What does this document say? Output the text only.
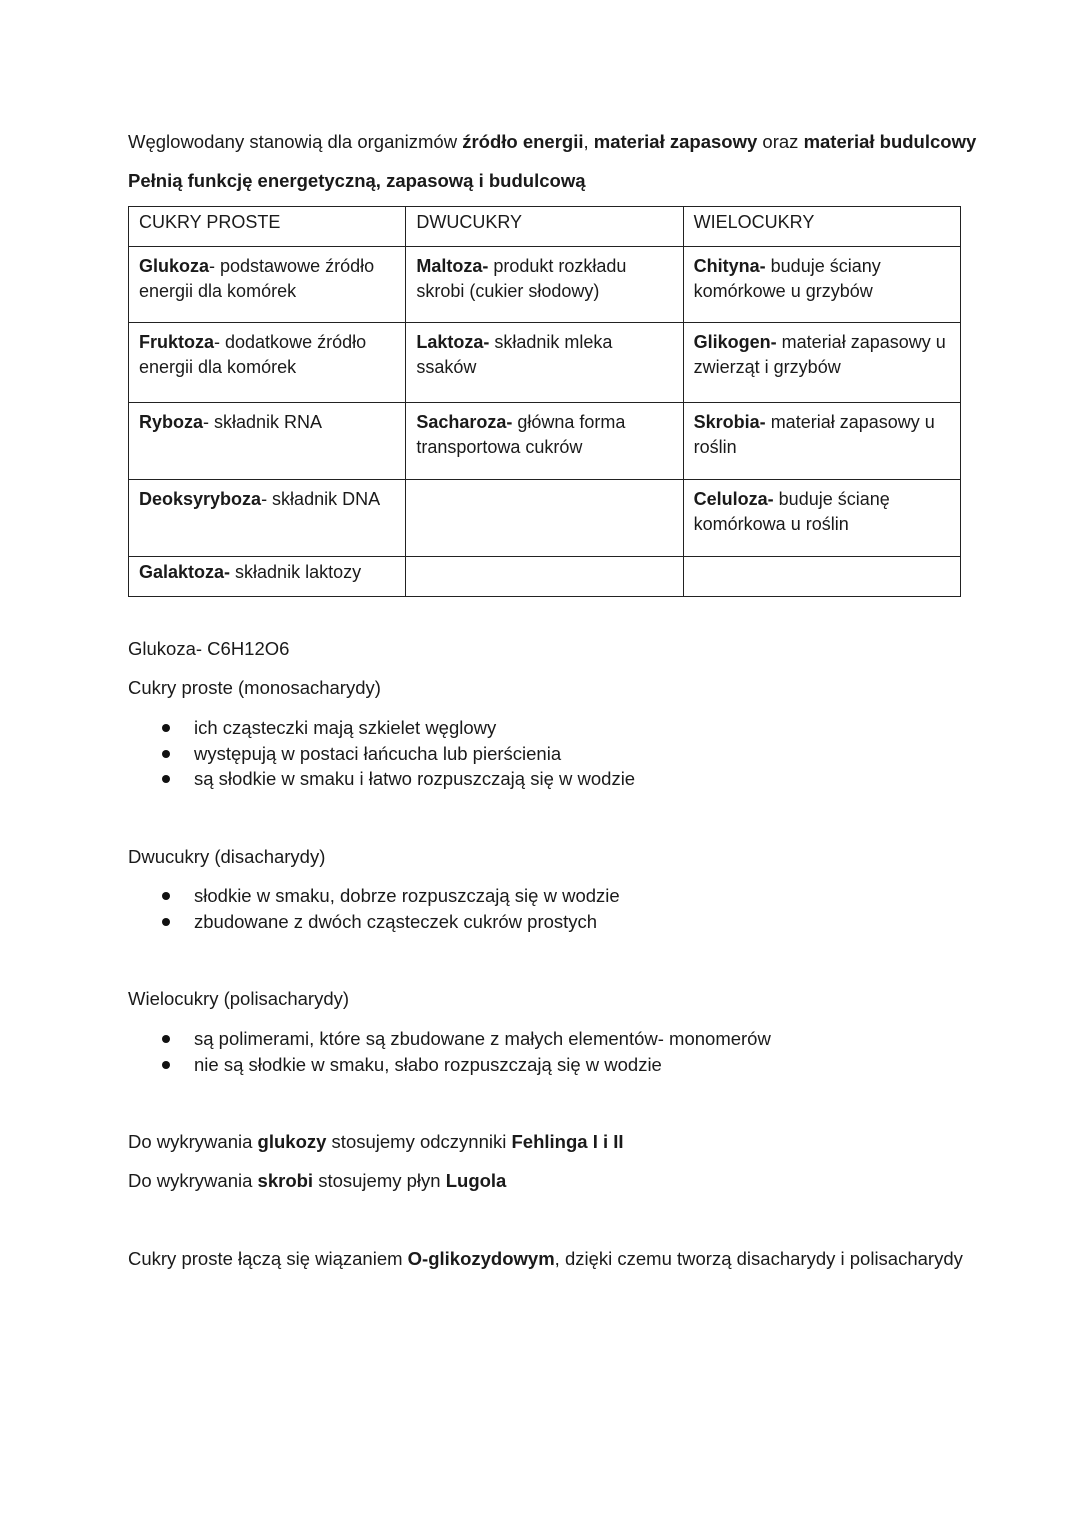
Węglowodany stanowią dla organizmów źródło energii, materiał zapasowy oraz materiał budulcowy

Pełnią funkcję energetyczną, zapasową i budulcową

CUKRY PROSTE	DWUCUKRY	WIELOCUKRY
Glukoza- podstawowe źródło energii dla komórek	Maltoza- produkt rozkładu skrobi (cukier słodowy)	Chityna- buduje ściany komórkowe u grzybów
Fruktoza- dodatkowe źródło energii dla komórek	Laktoza- składnik mleka ssaków	Glikogen- materiał zapasowy u zwierząt i grzybów
Ryboza- składnik RNA	Sacharoza- główna forma transportowa cukrów	Skrobia- materiał zapasowy u roślin
Deoksyryboza- składnik DNA		Celuloza- buduje ścianę komórkowa u roślin
Galaktoza- składnik laktozy		

Glukoza- C6H12O6

Cukry proste (monosacharydy)

ich cząsteczki mają szkielet węglowy
występują w postaci łańcucha lub pierścienia
są słodkie w smaku i łatwo rozpuszczają się w wodzie

Dwucukry (disacharydy)

słodkie w smaku, dobrze rozpuszczają się w wodzie
zbudowane z dwóch cząsteczek cukrów prostych

Wielocukry (polisacharydy)

są polimerami, które są zbudowane z małych elementów- monomerów
nie są słodkie w smaku, słabo rozpuszczają się w wodzie

Do wykrywania glukozy stosujemy odczynniki Fehlinga I i II

Do wykrywania skrobi stosujemy płyn Lugola

Cukry proste łączą się wiązaniem O-glikozydowym, dzięki czemu tworzą disacharydy i polisacharydy
